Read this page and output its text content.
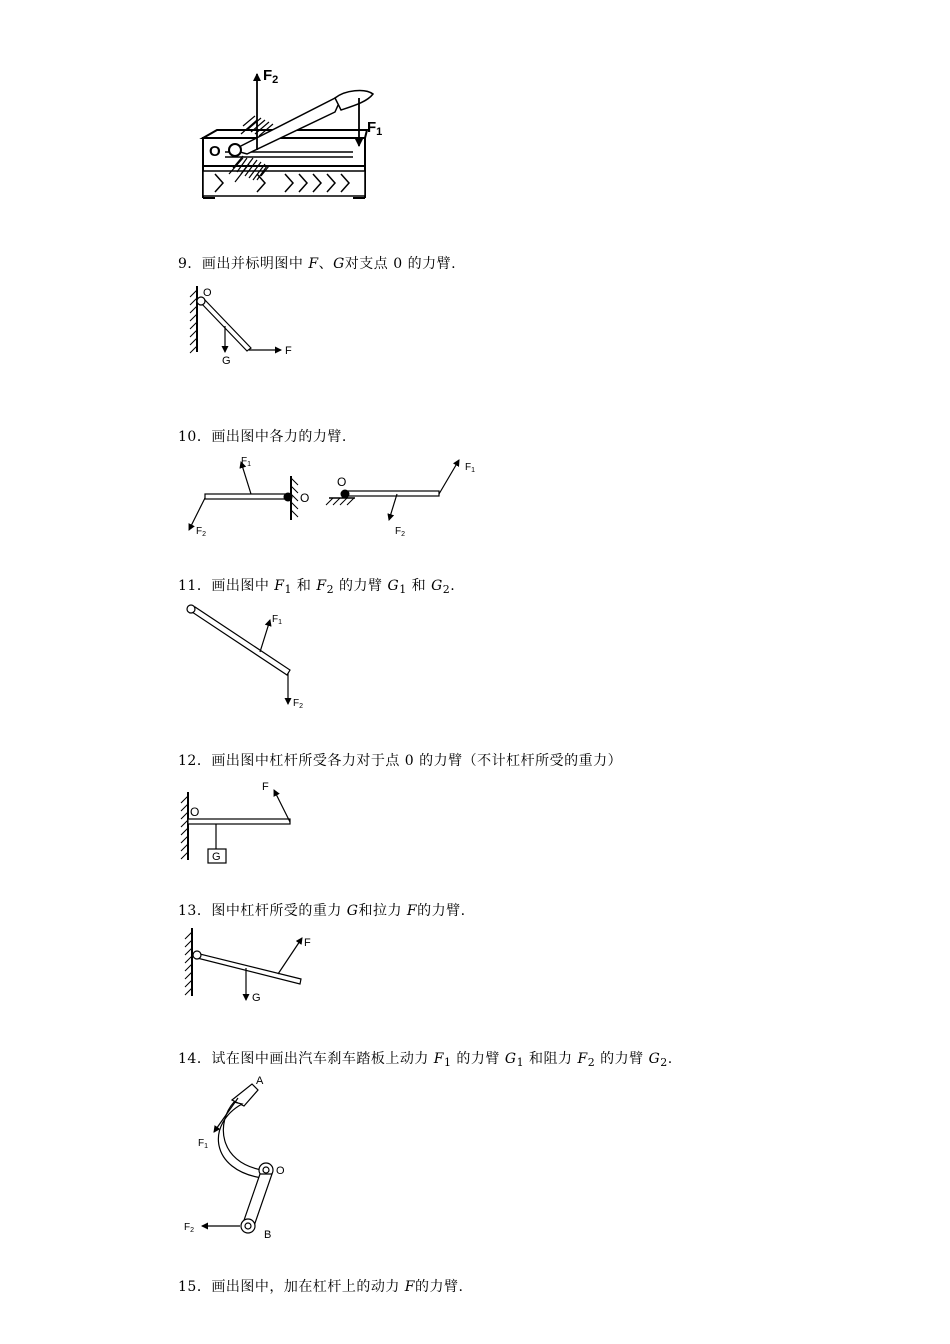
O
$F_2$
$F_1$
9．画出并标明图中 F、G对支点 0 的力臂.
O
G
F
10．画出图中各力的力臂.
O
$F_1$
$F_2$
O
$F_1$
$F_2$
11．画出图中 $F_1$ 和 $F_2$ 的力臂 $G_1$ 和 $G_2$.
$F_1$
$F_2$
12．画出图中杠杆所受各力对于点 0 的力臂（不计杠杆所受的重力）
O
G
F
13．图中杠杆所受的重力 G和拉力 F的力臂.
F
G
14．试在图中画出汽车刹车踏板上动力 $F_1$ 的力臂 $G_1$ 和阻力 $F_2$ 的力臂 $G_2$.
A
O
B
$F_1$
$F_2$
15．画出图中，加在杠杆上的动力 F的力臂.
